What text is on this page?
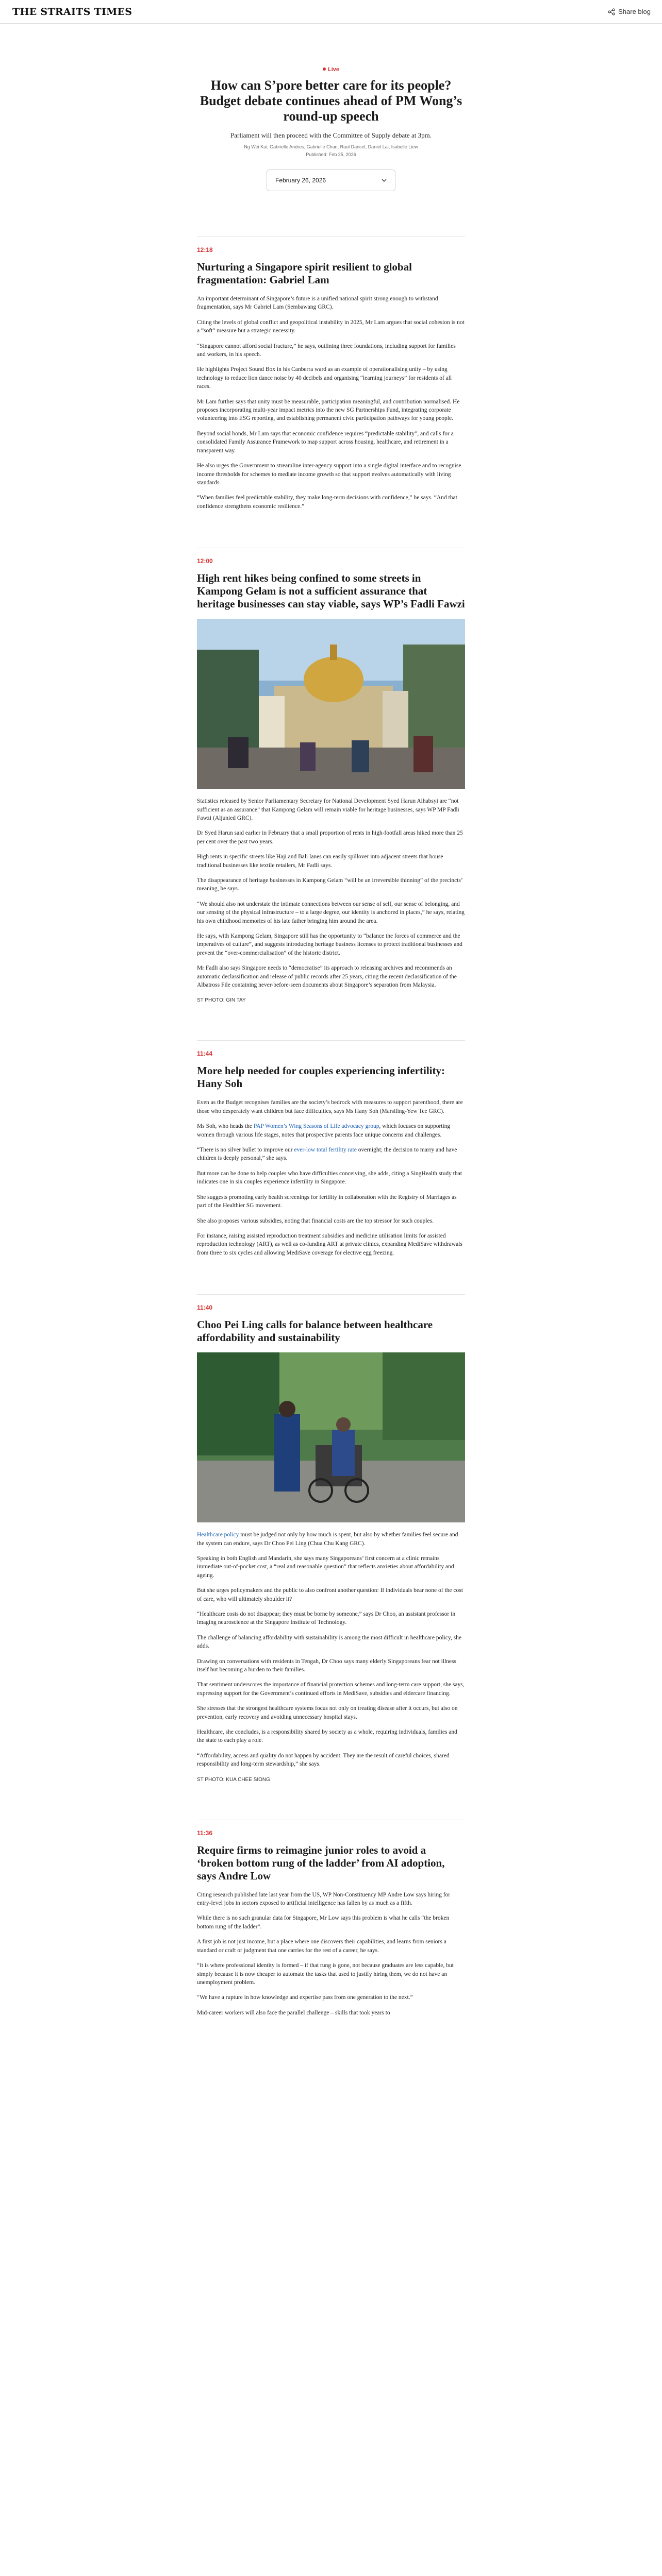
THE STRAITS TIMES	Share blog
Live
How can S’pore better care for its people? Budget debate continues ahead of PM Wong’s round-up speech

Parliament will then proceed with the Committee of Supply debate at 3pm.

Ng Wei Kai, Gabrielle Andres, Gabrielle Chan, Raul Dancel, Daniel Lai, Isabelle Liew

Published: Feb 25, 2026

February 26, 2026
12:18
Nurturing a Singapore spirit resilient to global fragmentation: Gabriel Lam

An important determinant of Singapore’s future is a unified national spirit strong enough to withstand fragmentation, says Mr Gabriel Lam (Sembawang GRC).

Citing the levels of global conflict and geopolitical instability in 2025, Mr Lam argues that social cohesion is not a “soft” measure but a strategic necessity.

“Singapore cannot afford social fracture,” he says, outlining three foundations, including support for families and workers, in his speech.

He highlights Project Sound Box in his Canberra ward as an example of operationalising unity – by using technology to reduce lion dance noise by 40 decibels and organising “learning journeys” for residents of all races.

Mr Lam further says that unity must be measurable, participation meaningful, and contribution normalised. He proposes incorporating multi-year impact metrics into the new SG Partnerships Fund, integrating corporate volunteering into ESG reporting, and establishing permanent civic participation pathways for young people.

Beyond social bonds, Mr Lam says that economic confidence requires “predictable stability”, and calls for a consolidated Family Assurance Framework to map support across housing, healthcare, and retirement in a transparent way.

He also urges the Government to streamline inter-agency support into a single digital interface and to recognise income thresholds for schemes to mediate income growth so that support evolves automatically with living standards.

“When families feel predictable stability, they make long-term decisions with confidence,” he says. “And that confidence strengthens economic resilience.”

12:00
High rent hikes being confined to some streets in Kampong Gelam is not a sufficient assurance that heritage businesses can stay viable, says WP’s Fadli Fawzi

Statistics released by Senior Parliamentary Secretary for National Development Syed Harun Alhabsyi are “not sufficient as an assurance” that Kampong Gelam will remain viable for heritage businesses, says WP MP Fadli Fawzi (Aljunied GRC).

Dr Syed Harun said earlier in February that a small proportion of rents in high-footfall areas hiked more than 25 per cent over the past two years.

High rents in specific streets like Haji and Bali lanes can easily spillover into adjacent streets that house traditional businesses like textile retailers, Mr Fadli says.

The disappearance of heritage businesses in Kampong Gelam “will be an irreversible thinning” of the precincts’ meaning, he says.

“We should also not understate the intimate connections between our sense of self, our sense of belonging, and our sensing of the physical infrastructure – to a large degree, our identity is anchored in places,” he says, relating his own childhood memories of his late father bringing him around the area.

He says, with Kampong Gelam, Singapore still has the opportunity to “balance the forces of commerce and the imperatives of culture”, and suggests introducing heritage business licenses to protect traditional businesses and prevent the “over-commercialisation” of the historic district.

Mr Fadli also says Singapore needs to “democratise” its approach to releasing archives and recommends an automatic declassification and release of public records after 25 years, citing the recent declassification of the Albatross File containing never-before-seen documents about Singapore’s separation from Malaysia.

ST PHOTO: GIN TAY

11:44
More help needed for couples experiencing infertility: Hany Soh

Even as the Budget recognises families are the society’s bedrock with measures to support parenthood, there are those who desperately want children but face difficulties, says Ms Hany Soh (Marsiling-Yew Tee GRC).

Ms Soh, who heads the PAP Women’s Wing Seasons of Life advocacy group, which focuses on supporting women through various life stages, notes that prospective parents face unique concerns and challenges.

“There is no silver bullet to improve our ever-low total fertility rate overnight; the decision to marry and have children is deeply personal,” she says.

But more can be done to help couples who have difficulties conceiving, she adds, citing a SingHealth study that indicates one in six couples experience infertility in Singapore.

She suggests promoting early health screenings for fertility in collaboration with the Registry of Marriages as part of the Healthier SG movement.

She also proposes various subsidies, noting that financial costs are the top stressor for such couples.

For instance, raising assisted reproduction treatment subsidies and medicine utilisation limits for assisted reproduction technology (ART), as well as co-funding ART at private clinics, expanding MediSave withdrawals from three to six cycles and allowing MediSave coverage for elective egg freezing.

11:40
Choo Pei Ling calls for balance between healthcare affordability and sustainability

Healthcare policy must be judged not only by how much is spent, but also by whether families feel secure and the system can endure, says Dr Choo Pei Ling (Chua Chu Kang GRC).

Speaking in both English and Mandarin, she says many Singaporeans’ first concern at a clinic remains immediate out-of-pocket cost, a “real and reasonable question” that reflects anxieties about affordability and ageing.

But she urges policymakers and the public to also confront another question: If individuals bear none of the cost of care, who will ultimately shoulder it?

“Healthcare costs do not disappear; they must be borne by someone,” says Dr Choo, an assistant professor in imaging neuroscience at the Singapore Institute of Technology.

The challenge of balancing affordability with sustainability is among the most difficult in healthcare policy, she adds.

Drawing on conversations with residents in Tengah, Dr Choo says many elderly Singaporeans fear not illness itself but becoming a burden to their families.

That sentiment underscores the importance of financial protection schemes and long-term care support, she says, expressing support for the Government’s continued efforts in MediSave, subsidies and eldercare financing.

She stresses that the strongest healthcare systems focus not only on treating disease after it occurs, but also on prevention, early recovery and avoiding unnecessary hospital stays.

Healthcare, she concludes, is a responsibility shared by society as a whole, requiring individuals, families and the state to each play a role.

“Affordability, access and quality do not happen by accident. They are the result of careful choices, shared responsibility and long-term stewardship,” she says.

ST PHOTO: KUA CHEE SIONG

11:36
Require firms to reimagine junior roles to avoid a ‘broken bottom rung of the ladder’ from AI adoption, says Andre Low

Citing research published late last year from the US, WP Non-Constituency MP Andre Low says hiring for entry-level jobs in sectors exposed to artificial intelligence has fallen by as much as a fifth.

While there is no such granular data for Singapore, Mr Low says this problem is what he calls “the broken bottom rung of the ladder”.

A first job is not just income, but a place where one discovers their capabilities, and learns from seniors a standard or craft or judgment that one carries for the rest of a career, he says.

“It is where professional identity is formed – if that rung is gone, not because graduates are less capable, but simply because it is now cheaper to automate the tasks that used to justify hiring them, we do not have an unemployment problem.

“We have a rupture in how knowledge and expertise pass from one generation to the next.”

Mid-career workers will also face the parallel challenge – skills that took years to
